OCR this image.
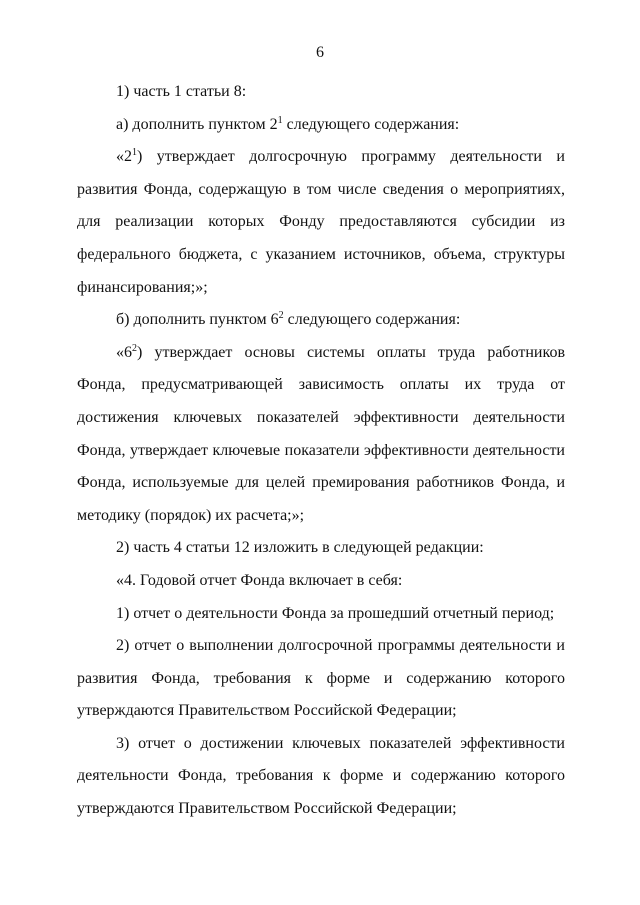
6

1) часть 1 статьи 8:

а) дополнить пунктом $2^1$ следующего содержания:

«$2^1$) утверждает долгосрочную программу деятельности и развития Фонда, содержащую в том числе сведения о мероприятиях, для реализации которых Фонду предоставляются субсидии из федерального бюджета, с указанием источников, объема, структуры финансирования;»;

б) дополнить пунктом $6^2$ следующего содержания:

«$6^2$) утверждает основы системы оплаты труда работников Фонда, предусматривающей зависимость оплаты их труда от достижения ключевых показателей эффективности деятельности Фонда, утверждает ключевые показатели эффективности деятельности Фонда, используемые для целей премирования работников Фонда, и методику (порядок) их расчета;»;

2) часть 4 статьи 12 изложить в следующей редакции:

«4. Годовой отчет Фонда включает в себя:

1) отчет о деятельности Фонда за прошедший отчетный период;

2) отчет о выполнении долгосрочной программы деятельности и развития Фонда, требования к форме и содержанию которого утверждаются Правительством Российской Федерации;

3) отчет о достижении ключевых показателей эффективности деятельности Фонда, требования к форме и содержанию которого утверждаются Правительством Российской Федерации;
